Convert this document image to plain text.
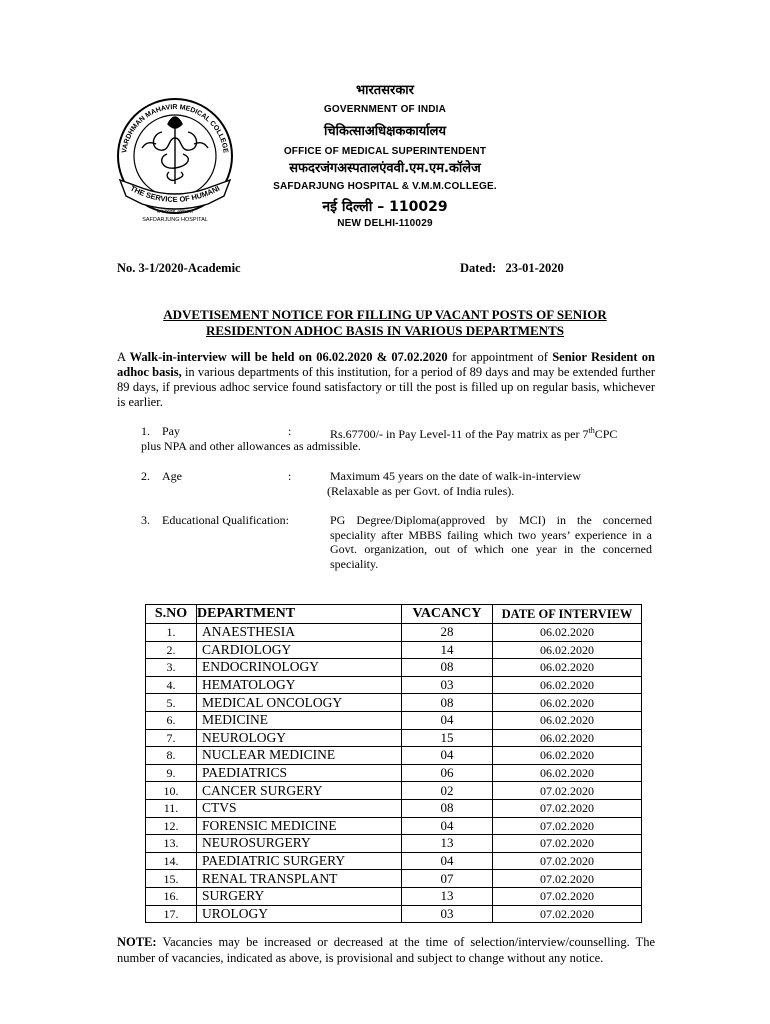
VARDHMAN MAHAVIR MEDICAL COLLEGE
THE SERVICE OF HUMANI
सफदरजंग अस्पताल
SAFDARJUNG HOSPITAL
भारतसरकार
GOVERNMENT OF INDIA
चिकित्साअधिक्षककार्यालय
OFFICE OF MEDICAL SUPERINTENDENT
सफदरजंगअस्पतालएंववी.एम.एम.कॉलेज
SAFDARJUNG HOSPITAL & V.M.M.COLLEGE.
नई दिल्ली – 110029
NEW DELHI-110029
No. 3-1/2020-Academic	Dated: 23-01-2020
ADVETISEMENT NOTICE FOR FILLING UP VACANT POSTS OF SENIOR
RESIDENTON ADHOC BASIS IN VARIOUS DEPARTMENTS
A Walk-in-interview will be held on 06.02.2020 & 07.02.2020 for appointment of Senior Resident on adhoc basis, in various departments of this institution, for a period of 89 days and may be extended further 89 days, if previous adhoc service found satisfactory or till the post is filled up on regular basis, whichever is earlier.
1. Pay	:	Rs.67700/- in Pay Level-11 of the Pay matrix as per 7thCPC
plus NPA and other allowances as admissible.
2. Age	:	Maximum 45 years on the date of walk-in-interview
(Relaxable as per Govt. of India rules).
3. Educational Qualification:	PG Degree/Diploma(approved by MCI) in the concerned speciality after MBBS failing which two years’ experience in a Govt. organization, out of which one year in the concerned speciality.
S.NO	DEPARTMENT	VACANCY	DATE OF INTERVIEW
1.	ANAESTHESIA	28	06.02.2020
2.	CARDIOLOGY	14	06.02.2020
3.	ENDOCRINOLOGY	08	06.02.2020
4.	HEMATOLOGY	03	06.02.2020
5.	MEDICAL ONCOLOGY	08	06.02.2020
6.	MEDICINE	04	06.02.2020
7.	NEUROLOGY	15	06.02.2020
8.	NUCLEAR MEDICINE	04	06.02.2020
9.	PAEDIATRICS	06	06.02.2020
10.	CANCER SURGERY	02	07.02.2020
11.	CTVS	08	07.02.2020
12.	FORENSIC MEDICINE	04	07.02.2020
13.	NEUROSURGERY	13	07.02.2020
14.	PAEDIATRIC SURGERY	04	07.02.2020
15.	RENAL TRANSPLANT	07	07.02.2020
16.	SURGERY	13	07.02.2020
17.	UROLOGY	03	07.02.2020
NOTE: Vacancies may be increased or decreased at the time of selection/interview/counselling. The number of vacancies, indicated as above, is provisional and subject to change without any notice.
